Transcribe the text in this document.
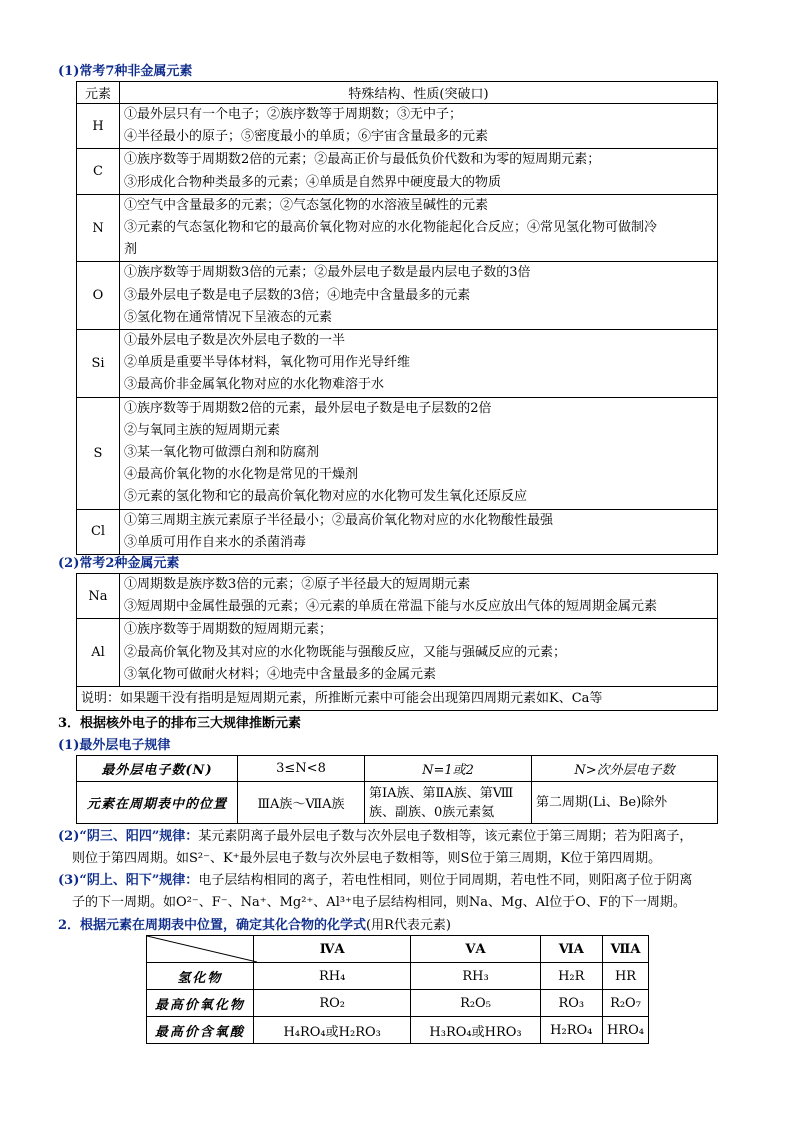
(1)常考7种非金属元素
元素	特殊结构、性质(突破口)
H	①最外层只有一个电子；②族序数等于周期数；③无中子；
④半径最小的原子；⑤密度最小的单质；⑥宇宙含量最多的元素

C	①族序数等于周期数2倍的元素；②最高正价与最低负价代数和为零的短周期元素；
③形成化合物种类最多的元素；④单质是自然界中硬度最大的物质

N	①空气中含量最多的元素；②气态氢化物的水溶液呈碱性的元素
③元素的气态氢化物和它的最高价氧化物对应的水化物能起化合反应；④常见氢化物可做制冷
剂

O	①族序数等于周期数3倍的元素；②最外层电子数是最内层电子数的3倍
③最外层电子数是电子层数的3倍；④地壳中含量最多的元素
⑤氢化物在通常情况下呈液态的元素

Si	①最外层电子数是次外层电子数的一半
②单质是重要半导体材料，氧化物可用作光导纤维
③最高价非金属氧化物对应的水化物难溶于水

S	①族序数等于周期数2倍的元素，最外层电子数是电子层数的2倍
②与氧同主族的短周期元素
③某一氧化物可做漂白剂和防腐剂
④最高价氧化物的水化物是常见的干燥剂
⑤元素的氢化物和它的最高价氧化物对应的水化物可发生氧化还原反应

Cl	①第三周期主族元素原子半径最小；②最高价氧化物对应的水化物酸性最强
③单质可用作自来水的杀菌消毒
(2)常考2种金属元素
Na	①周期数是族序数3倍的元素；②原子半径最大的短周期元素
③短周期中金属性最强的元素；④元素的单质在常温下能与水反应放出气体的短周期金属元素

Al	①族序数等于周期数的短周期元素；
②最高价氧化物及其对应的水化物既能与强酸反应，又能与强碱反应的元素；
③氧化物可做耐火材料；④地壳中含量最多的金属元素

说明：如果题干没有指明是短周期元素，所推断元素中可能会出现第四周期元素如K、Ca等	
3．根据核外电子的排布三大规律推断元素
(1)最外层电子规律
最外层电子数(N)	3≤N<8	N=1或2	N>次外层电子数
元素在周期表中的位置	ⅢA族～ⅦA族	第ⅠA族、第ⅡA族、第Ⅷ族、副族、0族元素氦	第二周期(Li、Be)除外
(2)“阴三、阳四”规律：某元素阴离子最外层电子数与次外层电子数相等，该元素位于第三周期；若为阳离子，
则位于第四周期。如S²⁻、K⁺最外层电子数与次外层电子数相等，则S位于第三周期，K位于第四周期。
(3)“阴上、阳下”规律：电子层结构相同的离子，若电性相同，则位于同周期，若电性不同，则阳离子位于阴离
子的下一周期。如O²⁻、F⁻、Na⁺、Mg²⁺、Al³⁺电子层结构相同，则Na、Mg、Al位于O、F的下一周期。
2．根据元素在周期表中位置，确定其化合物的化学式(用R代表元素)
	ⅣA	ⅤA	ⅥA	ⅦA
氢化物	RH₄	RH₃	H₂R	HR
最高价氧化物	RO₂	R₂O₅	RO₃	R₂O₇
最高价含氧酸	H₄RO₄或H₂RO₃	H₃RO₄或HRO₃	H₂RO₄	HRO₄
